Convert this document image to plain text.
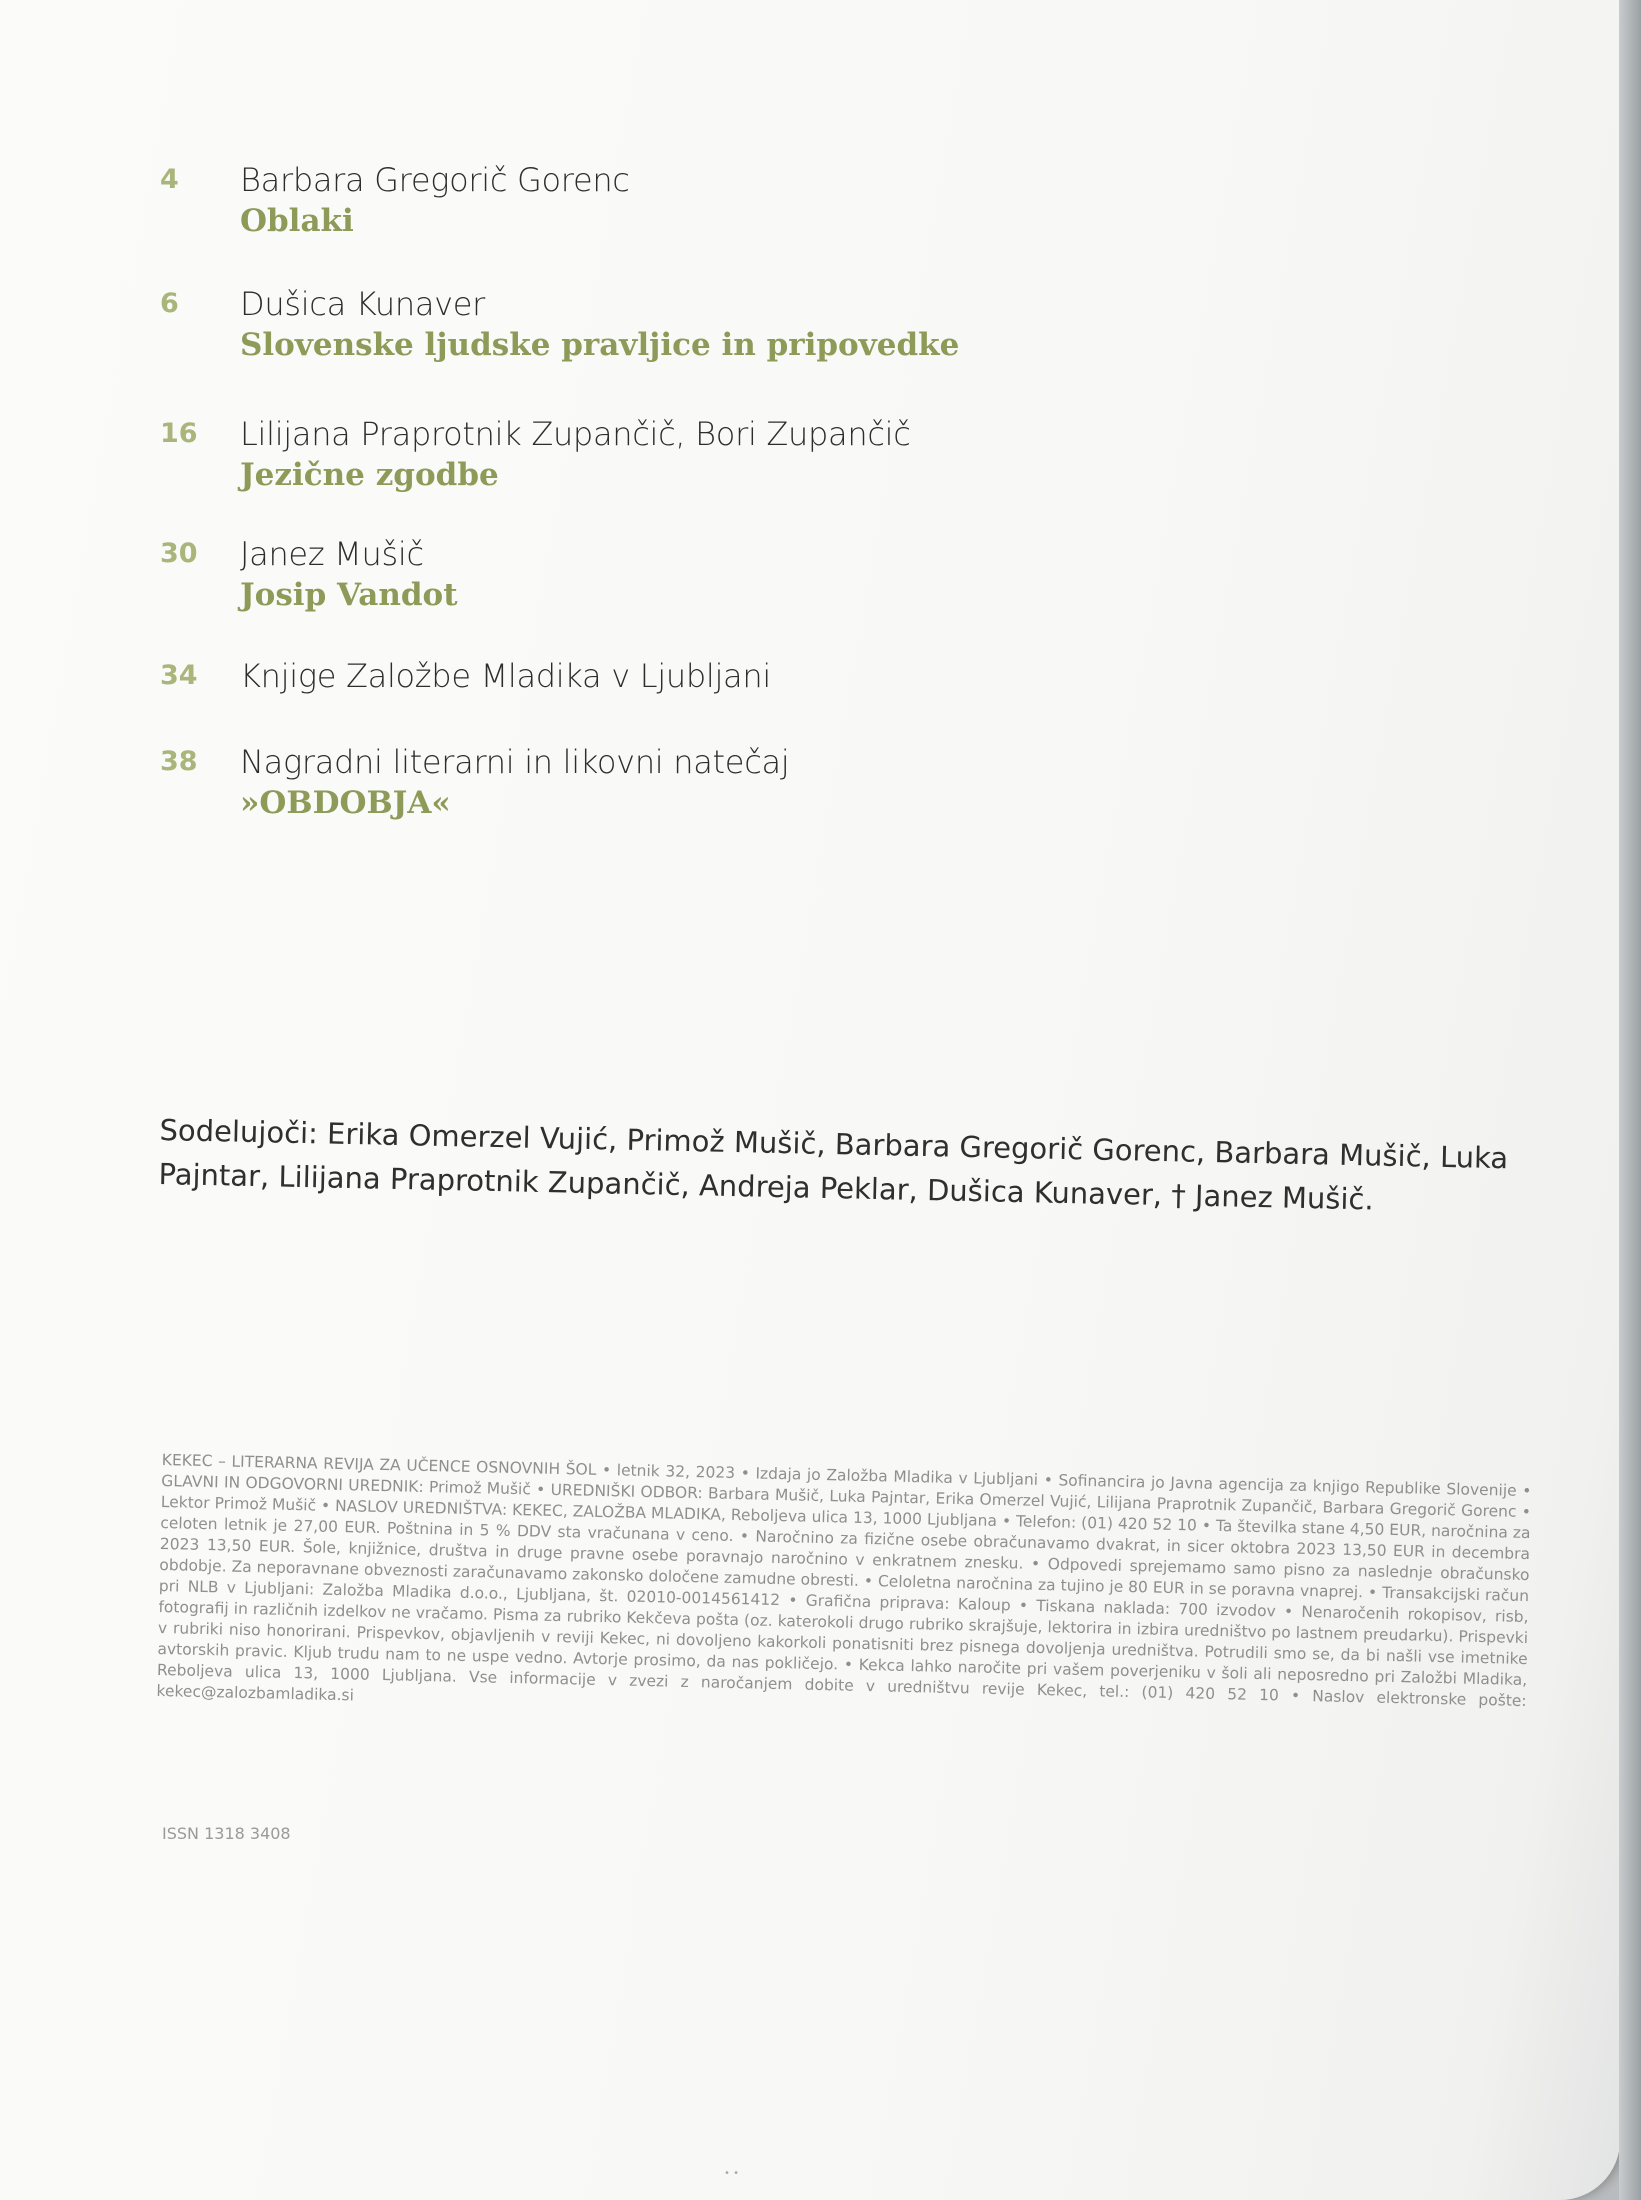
4	Barbara Gregorič Gorenc
Oblaki
6	Dušica Kunaver
Slovenske ljudske pravljice in pripovedke
16	Lilijana Praprotnik Zupančič, Bori Zupančič
Jezične zgodbe
30	Janez Mušič
Josip Vandot
34	Knjige Založbe Mladika v Ljubljani
38	Nagradni literarni in likovni natečaj
»OBDOBJA«
Sodelujoči: Erika Omerzel Vujić, Primož Mušič, Barbara Gregorič Gorenc, Barbara Mušič, Luka Pajntar, Lilijana Praprotnik Zupančič, Andreja Peklar, Dušica Kunaver, † Janez Mušič.
KEKEC – LITERARNA REVIJA ZA UČENCE OSNOVNIH ŠOL • letnik 32, 2023 • Izdaja jo Založba Mladika v Ljubljani • Sofinancira jo Javna agencija za knjigo Republike Slovenije • GLAVNI IN ODGOVORNI UREDNIK: Primož Mušič • UREDNIŠKI ODBOR: Barbara Mušič, Luka Pajntar, Erika Omerzel Vujić, Lilijana Praprotnik Zupančič, Barbara Gregorič Gorenc • Lektor Primož Mušič • NASLOV UREDNIŠTVA: KEKEC, ZALOŽBA MLADIKA, Reboljeva ulica 13, 1000 Ljubljana • Telefon: (01) 420 52 10 • Ta številka stane 4,50 EUR, naročnina za celoten letnik je 27,00 EUR. Poštnina in 5 % DDV sta vračunana v ceno. • Naročnino za fizične osebe obračunavamo dvakrat, in sicer oktobra 2023 13,50 EUR in decembra 2023 13,50 EUR. Šole, knjižnice, društva in druge pravne osebe poravnajo naročnino v enkratnem znesku. • Odpovedi sprejemamo samo pisno za naslednje obračunsko obdobje. Za neporavnane obveznosti zaračunavamo zakonsko določene zamudne obresti. • Celoletna naročnina za tujino je 80 EUR in se poravna vnaprej. • Transakcijski račun pri NLB v Ljubljani: Založba Mladika d.o.o., Ljubljana, št. 02010-0014561412 • Grafična priprava: Kaloup • Tiskana naklada: 700 izvodov • Nenaročenih rokopisov, risb, fotografij in različnih izdelkov ne vračamo. Pisma za rubriko Kekčeva pošta (oz. katerokoli drugo rubriko skrajšuje, lektorira in izbira uredništvo po lastnem preudarku). Prispevki v rubriki niso honorirani. Prispevkov, objavljenih v reviji Kekec, ni dovoljeno kakorkoli ponatisniti brez pisnega dovoljenja uredništva. Potrudili smo se, da bi našli vse imetnike avtorskih pravic. Kljub trudu nam to ne uspe vedno. Avtorje prosimo, da nas pokličejo. • Kekca lahko naročite pri vašem poverjeniku v šoli ali neposredno pri Založbi Mladika, Reboljeva ulica 13, 1000 Ljubljana. Vse informacije v zvezi z naročanjem dobite v uredništvu revije Kekec, tel.: (01) 420 52 10 • Naslov elektronske pošte: kekec@zalozbamladika.si
ISSN 1318 3408
• •
